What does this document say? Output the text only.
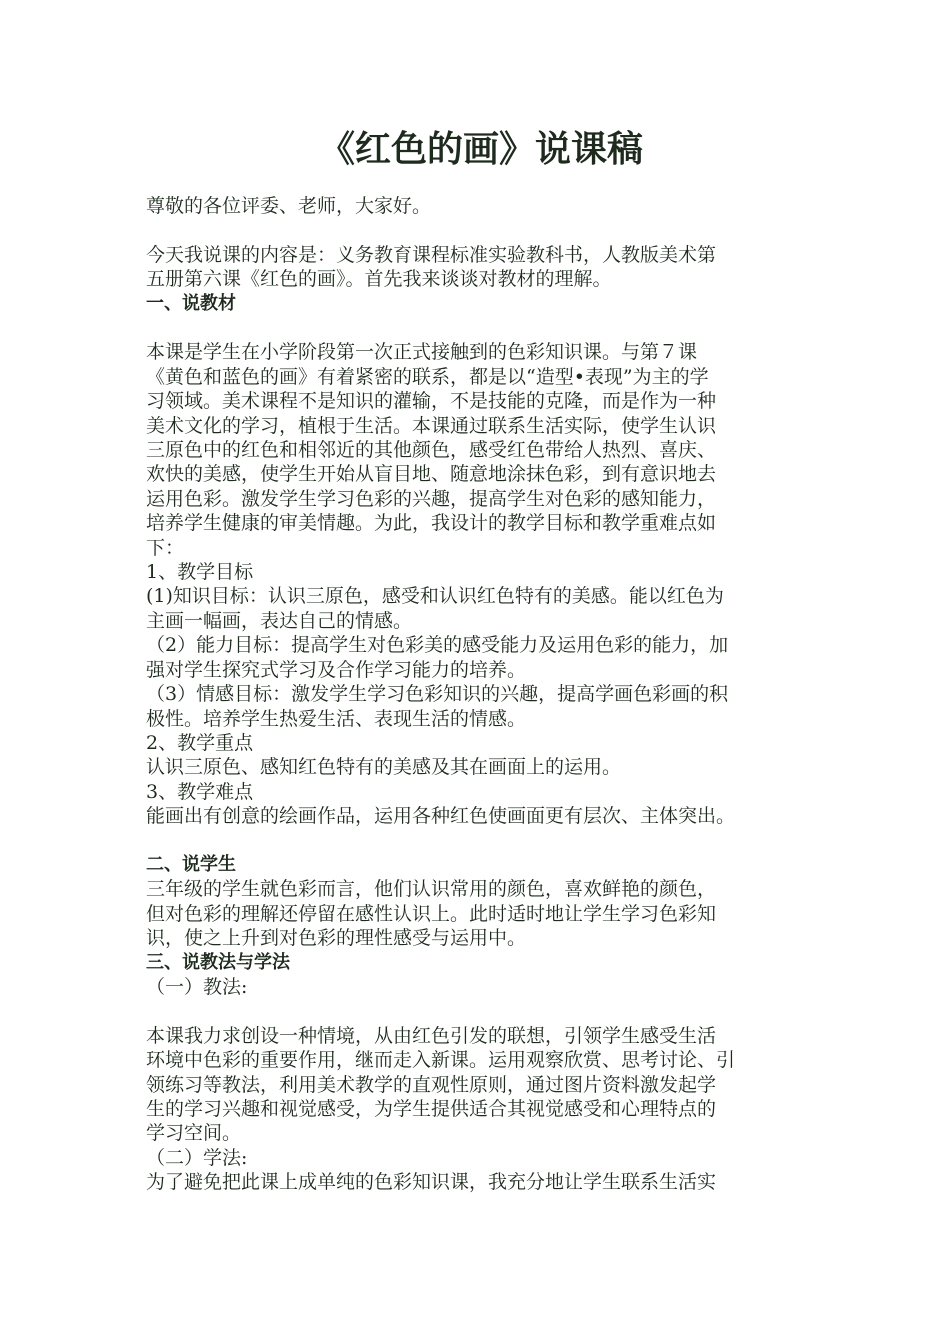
《红色的画》说课稿

尊敬的各位评委、老师，大家好。

今天我说课的内容是：义务教育课程标准实验教科书，人教版美术第

五册第六课《红色的画》。首先我来谈谈对教材的理解。

一、说教材

本课是学生在小学阶段第一次正式接触到的色彩知识课。与第７课

《黄色和蓝色的画》有着紧密的联系，都是以“造型•表现”为主的学

习领域。美术课程不是知识的灌输，不是技能的克隆，而是作为一种

美术文化的学习，植根于生活。本课通过联系生活实际，使学生认识

三原色中的红色和相邻近的其他颜色，感受红色带给人热烈、喜庆、

欢快的美感，使学生开始从盲目地、随意地涂抹色彩，到有意识地去

运用色彩。激发学生学习色彩的兴趣，提高学生对色彩的感知能力，

培养学生健康的审美情趣。为此，我设计的教学目标和教学重难点如

下：

1、教学目标

(1)知识目标：认识三原色，感受和认识红色特有的美感。能以红色为

主画一幅画，表达自己的情感。

（2）能力目标：提高学生对色彩美的感受能力及运用色彩的能力，加

强对学生探究式学习及合作学习能力的培养。

（3）情感目标：激发学生学习色彩知识的兴趣，提高学画色彩画的积

极性。培养学生热爱生活、表现生活的情感。

2、教学重点

认识三原色、感知红色特有的美感及其在画面上的运用。

3、教学难点

能画出有创意的绘画作品，运用各种红色使画面更有层次、主体突出。

二、说学生

三年级的学生就色彩而言，他们认识常用的颜色，喜欢鲜艳的颜色，

但对色彩的理解还停留在感性认识上。此时适时地让学生学习色彩知

识，使之上升到对色彩的理性感受与运用中。

三、说教法与学法

（一）教法:

本课我力求创设一种情境，从由红色引发的联想，引领学生感受生活

环境中色彩的重要作用，继而走入新课。运用观察欣赏、思考讨论、引

领练习等教法，利用美术教学的直观性原则，通过图片资料激发起学

生的学习兴趣和视觉感受，为学生提供适合其视觉感受和心理特点的

学习空间。

（二）学法:

为了避免把此课上成单纯的色彩知识课，我充分地让学生联系生活实
